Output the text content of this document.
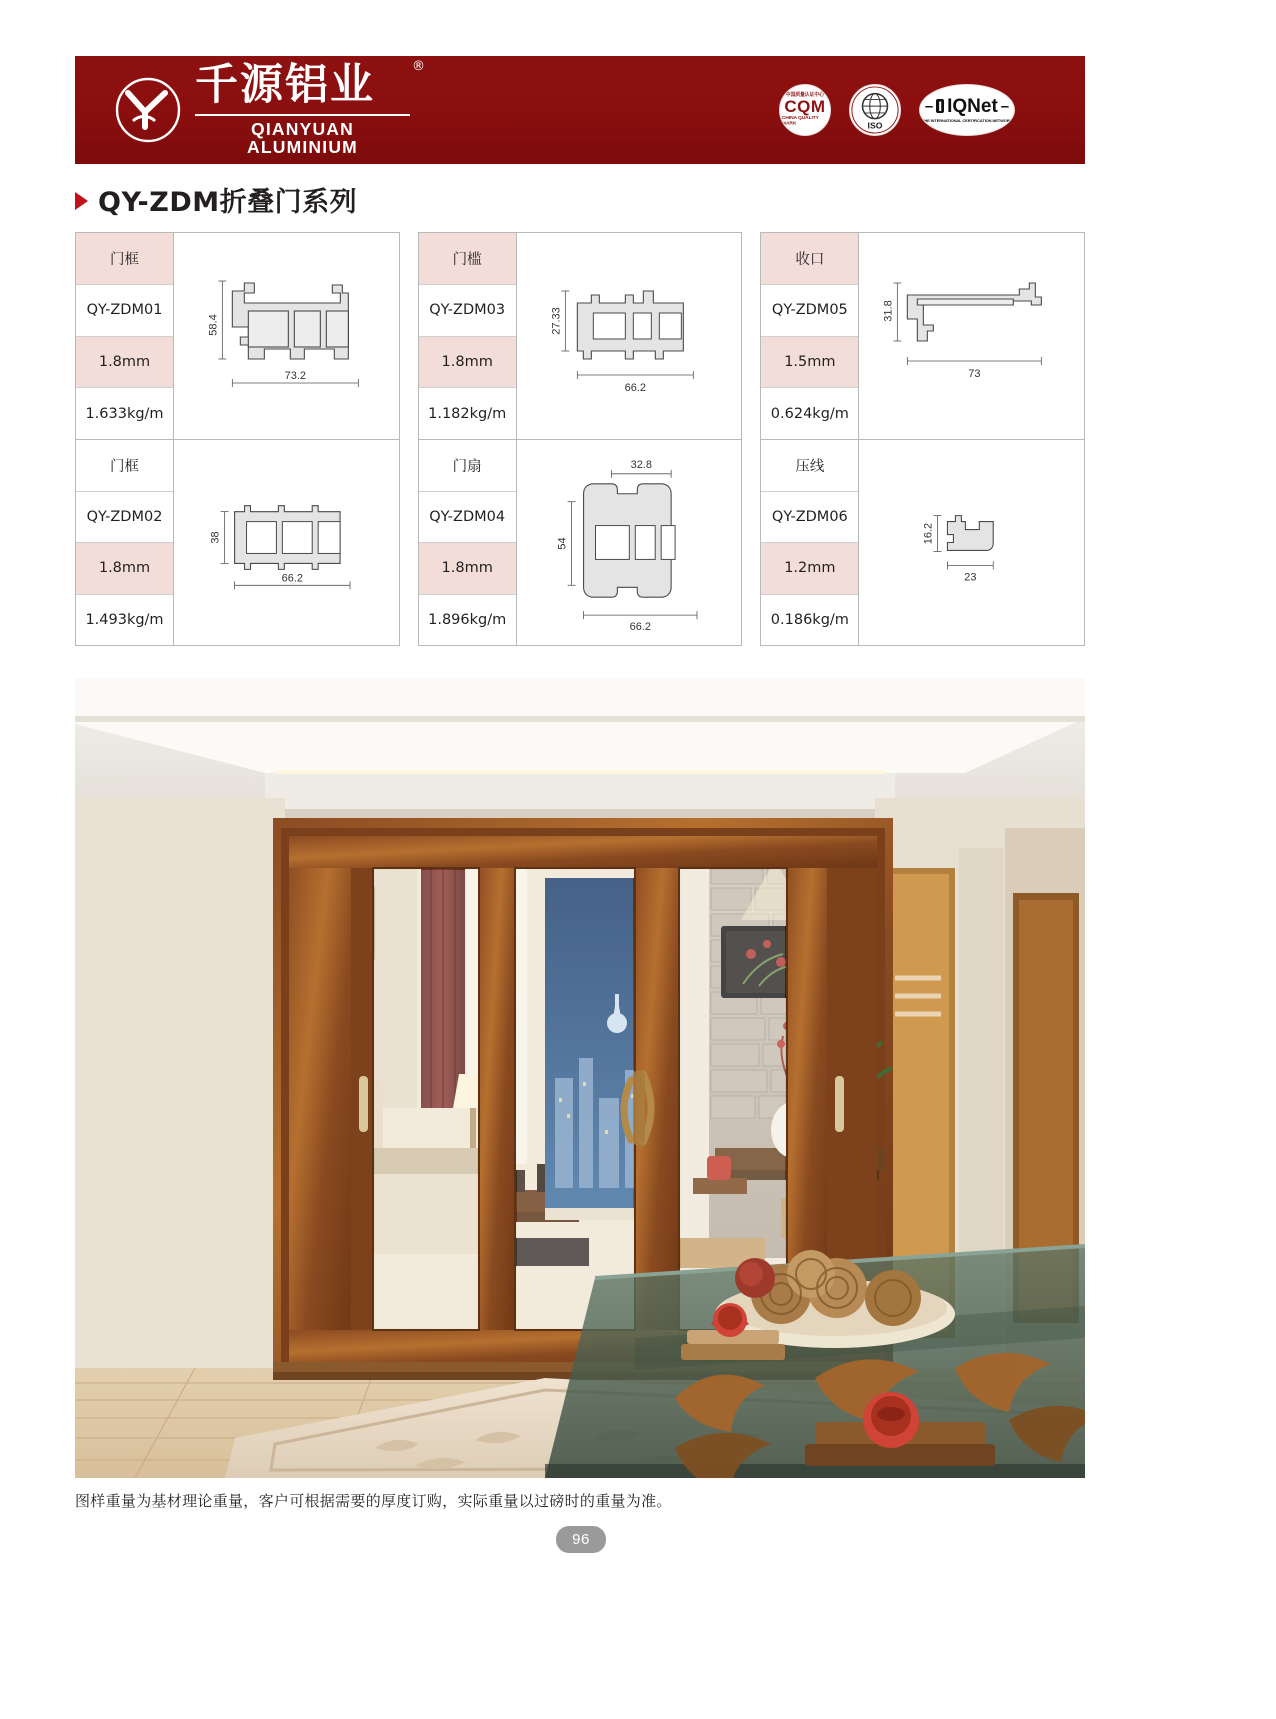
千源铝业	®
QIANYUAN ALUMINIUM
中国质量认证中心
CQM
CHINA QUALITY MARK	ISO
– I IQNet –
THE INTERNATIONAL CERTIFICATION NETWORK
QY-ZDM折叠门系列
门框
QY-ZDM01
1.8mm
1.633kg/m
58.4
73.2
门框
QY-ZDM02
1.8mm
1.493kg/m
38
66.2
门槛
QY-ZDM03
1.8mm
1.182kg/m
27.33
66.2
门扇
QY-ZDM04
1.8mm
1.896kg/m
32.8
54
66.2
收口
QY-ZDM05
1.5mm
0.624kg/m
31.8
73
压线
QY-ZDM06
1.2mm
0.186kg/m
16.2
23
图样重量为基材理论重量，客户可根据需要的厚度订购，实际重量以过磅时的重量为准。
96
